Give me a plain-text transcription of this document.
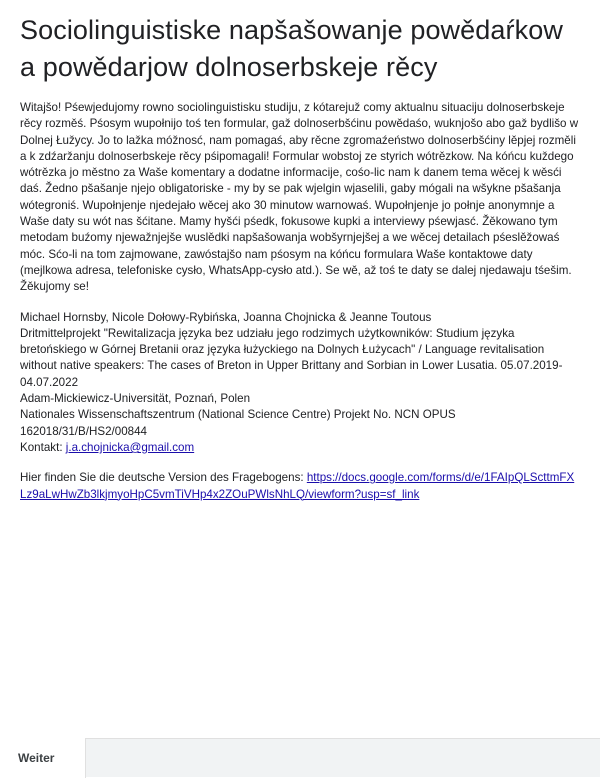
Sociolinguistiske napšašowanje powědaŕkow a powědarjow dolnoserbskeje rěcy

Witajšo! Pśewjedujomy rowno sociolinguistisku studiju, z kótarejuž comy aktualnu situaciju dolnoserbskeje rěcy rozměś. Pśosym wupołnijo toś ten formular, gaž dolnoserbšćinu powědaśo, wuknjošo abo gaž bydlišo w Dolnej Łužycy. Jo to lažka móžnosć, nam pomagaś, aby rěcne zgromaźeństwo dolnoserbšćiny lěpjej rozměli a k zdźaržanju dolnoserbskeje rěcy pśipomagali! Formular wobstoj ze styrich wótrězkow. Na kóńcu kuždego wótrězka jo městno za Waše komentary a dodatne informacije, cośo-lic nam k danem tema wěcej k wěsći daś. Žedno pšašanje njejo obligatoriske - my by se pak wjelgin wjaselili, gaby mógali na wšykne pšašanja wótegroniś. Wupołnjenje njedejało wěcej ako 30 minutow warnowaś. Wupołnjenje jo połnje anonymnje a Waše daty su wót nas šćitane. Mamy hyšći pśedk, fokusowe kupki a interviewy pśewjasć. Žěkowano tym metodam buźomy njewažnjejše wuslědki napšašowanja wobšyrnjejšej a we wěcej detailach pśeslěžowaś móc. Sćo-li na tom zajmowane, zawóstajšo nam pśosym na kóńcu formulara Waše kontaktowe daty (mejlkowa adresa, telefoniske cysło, WhatsApp-cysło atd.). Se wě, až toś te daty se dalej njedawaju tśešim.

Žěkujomy se!

Michael Hornsby, Nicole Dołowy-Rybińska, Joanna Chojnicka & Jeanne Toutous

Dritmittelprojekt "Rewitalizacja języka bez udziału jego rodzimych użytkowników: Studium języka bretońskiego w Górnej Bretanii oraz języka łużyckiego na Dolnych Łużycach" / Language revitalisation without native speakers: The cases of Breton in Upper Brittany and Sorbian in Lower Lusatia. 05.07.2019-04.07.2022

Adam-Mickiewicz-Universität, Poznań, Polen

Nationales Wissenschaftszentrum (National Science Centre) Projekt No. NCN OPUS 162018/31/B/HS2/00844

Kontakt: j.a.chojnicka@gmail.com

Hier finden Sie die deutsche Version des Fragebogens: https://docs.google.com/forms/d/e/1FAIpQLScttmFXLz9aLwHwZb3lkjmyoHpC5vmTiVHp4x2ZOuPWlsNhLQ/viewform?usp=sf_link

Weiter
